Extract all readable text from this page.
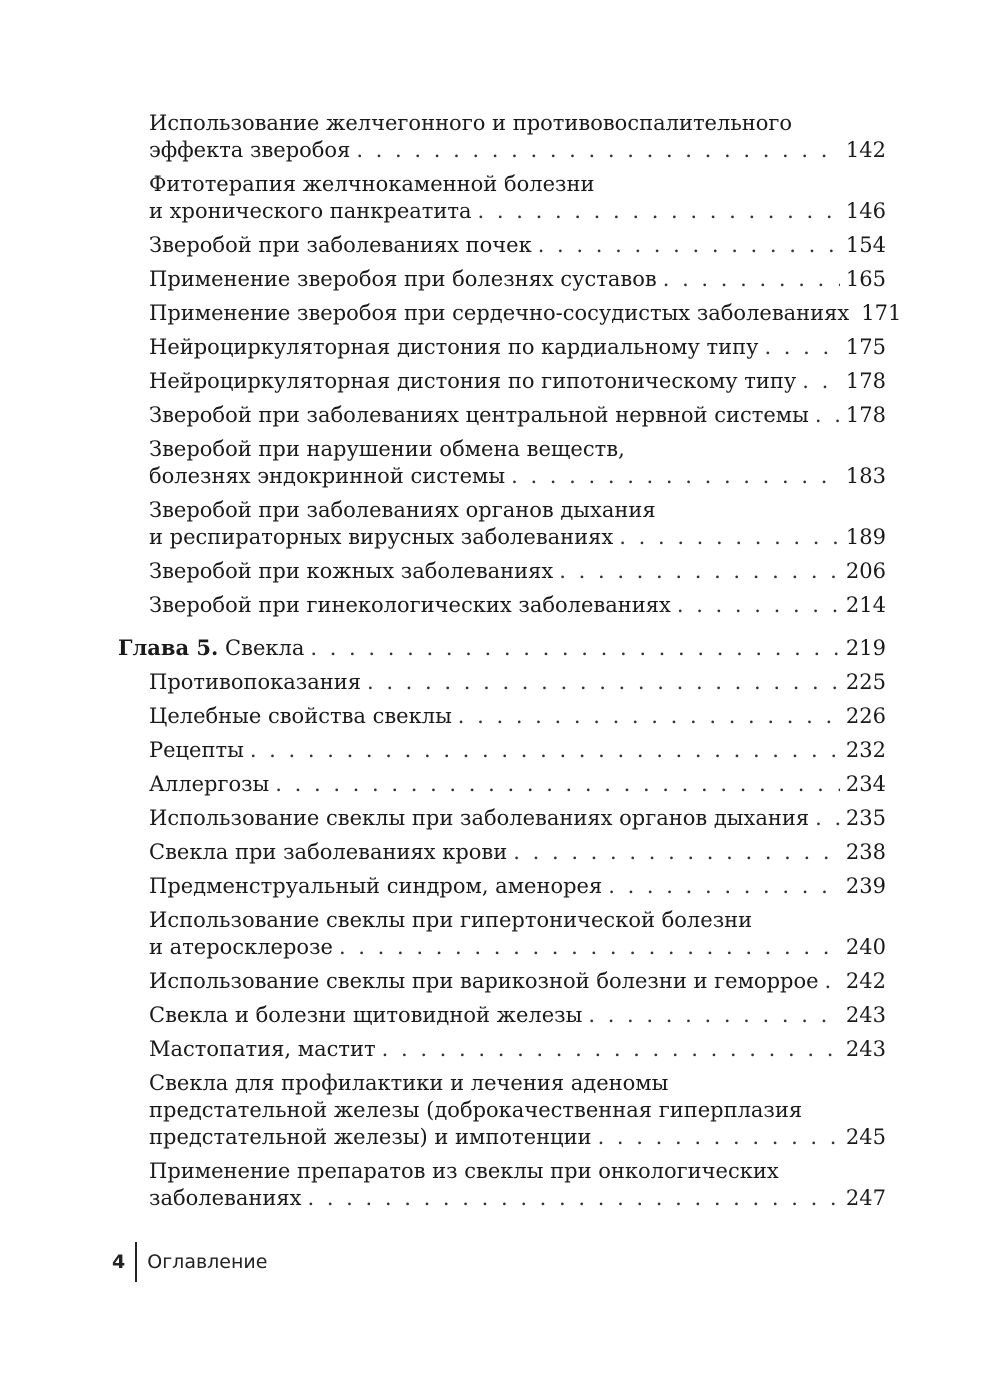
Использование желчегонного и противовоспалительного
эффекта зверобоя . . .	142
Фитотерапия желчнокаменной болезни
и хронического панкреатита . . .	146
Зверобой при заболеваниях почек . . .	154
Применение зверобоя при болезнях суставов . . .	165
Применение зверобоя при сердечно-сосудистых заболеваниях 171
Нейроциркуляторная дистония по кардиальному типу . . .	175
Нейроциркуляторная дистония по гипотоническому типу . . . 178
Зверобой при заболеваниях центральной нервной системы . . . 178
Зверобой при нарушении обмена веществ,
болезнях эндокринной системы . . .	183
Зверобой при заболеваниях органов дыхания
и респираторных вирусных заболеваниях . . .	189
Зверобой при кожных заболеваниях . . .	206
Зверобой при гинекологических заболеваниях . . .	214
Глава 5. Свекла . . .	219
Противопоказания . . .	225
Целебные свойства свеклы . . .	226
Рецепты . . .	232
Аллергозы . . .	234
Использование свеклы при заболеваниях органов дыхания . . . 235
Свекла при заболеваниях крови . . .	238
Предменструальный синдром, аменорея . . .	239
Использование свеклы при гипертонической болезни
и атеросклерозе . . .	240
Использование свеклы при варикозной болезни и геморрое . . . 242
Свекла и болезни щитовидной железы . . .	243
Мастопатия, мастит . . .	243
Свекла для профилактики и лечения аденомы
предстательной железы (доброкачественная гиперплазия
предстательной железы) и импотенции . . .	245
Применение препаратов из свеклы при онкологических
заболеваниях . . .	247
4	Оглавление
